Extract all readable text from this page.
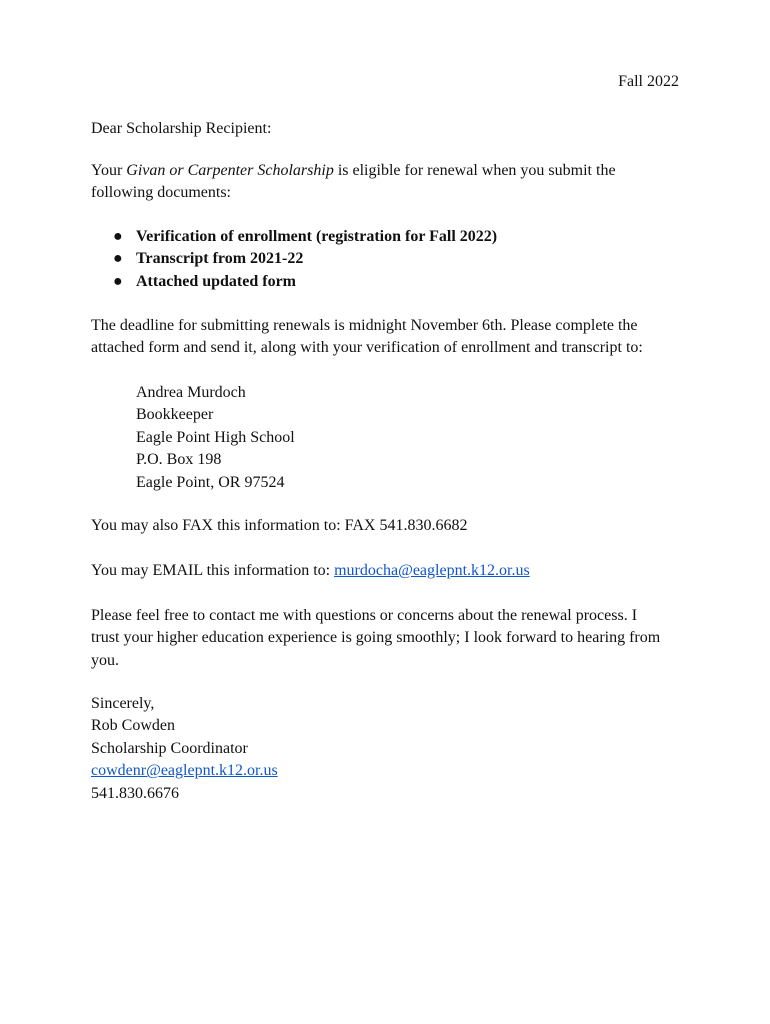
Fall 2022
Dear Scholarship Recipient:
Your Givan or Carpenter Scholarship is eligible for renewal when you submit the
following documents:
● Verification of enrollment (registration for Fall 2022)
● Transcript from 2021-22
● Attached updated form
The deadline for submitting renewals is midnight November 6th. Please complete the
attached form and send it, along with your verification of enrollment and transcript to:
Andrea Murdoch
Bookkeeper
Eagle Point High School
P.O. Box 198
Eagle Point, OR 97524
You may also FAX this information to: FAX 541.830.6682
You may EMAIL this information to: murdocha@eaglepnt.k12.or.us
Please feel free to contact me with questions or concerns about the renewal process. I
trust your higher education experience is going smoothly; I look forward to hearing from
you.
Sincerely,
Rob Cowden
Scholarship Coordinator
cowdenr@eaglepnt.k12.or.us
541.830.6676
